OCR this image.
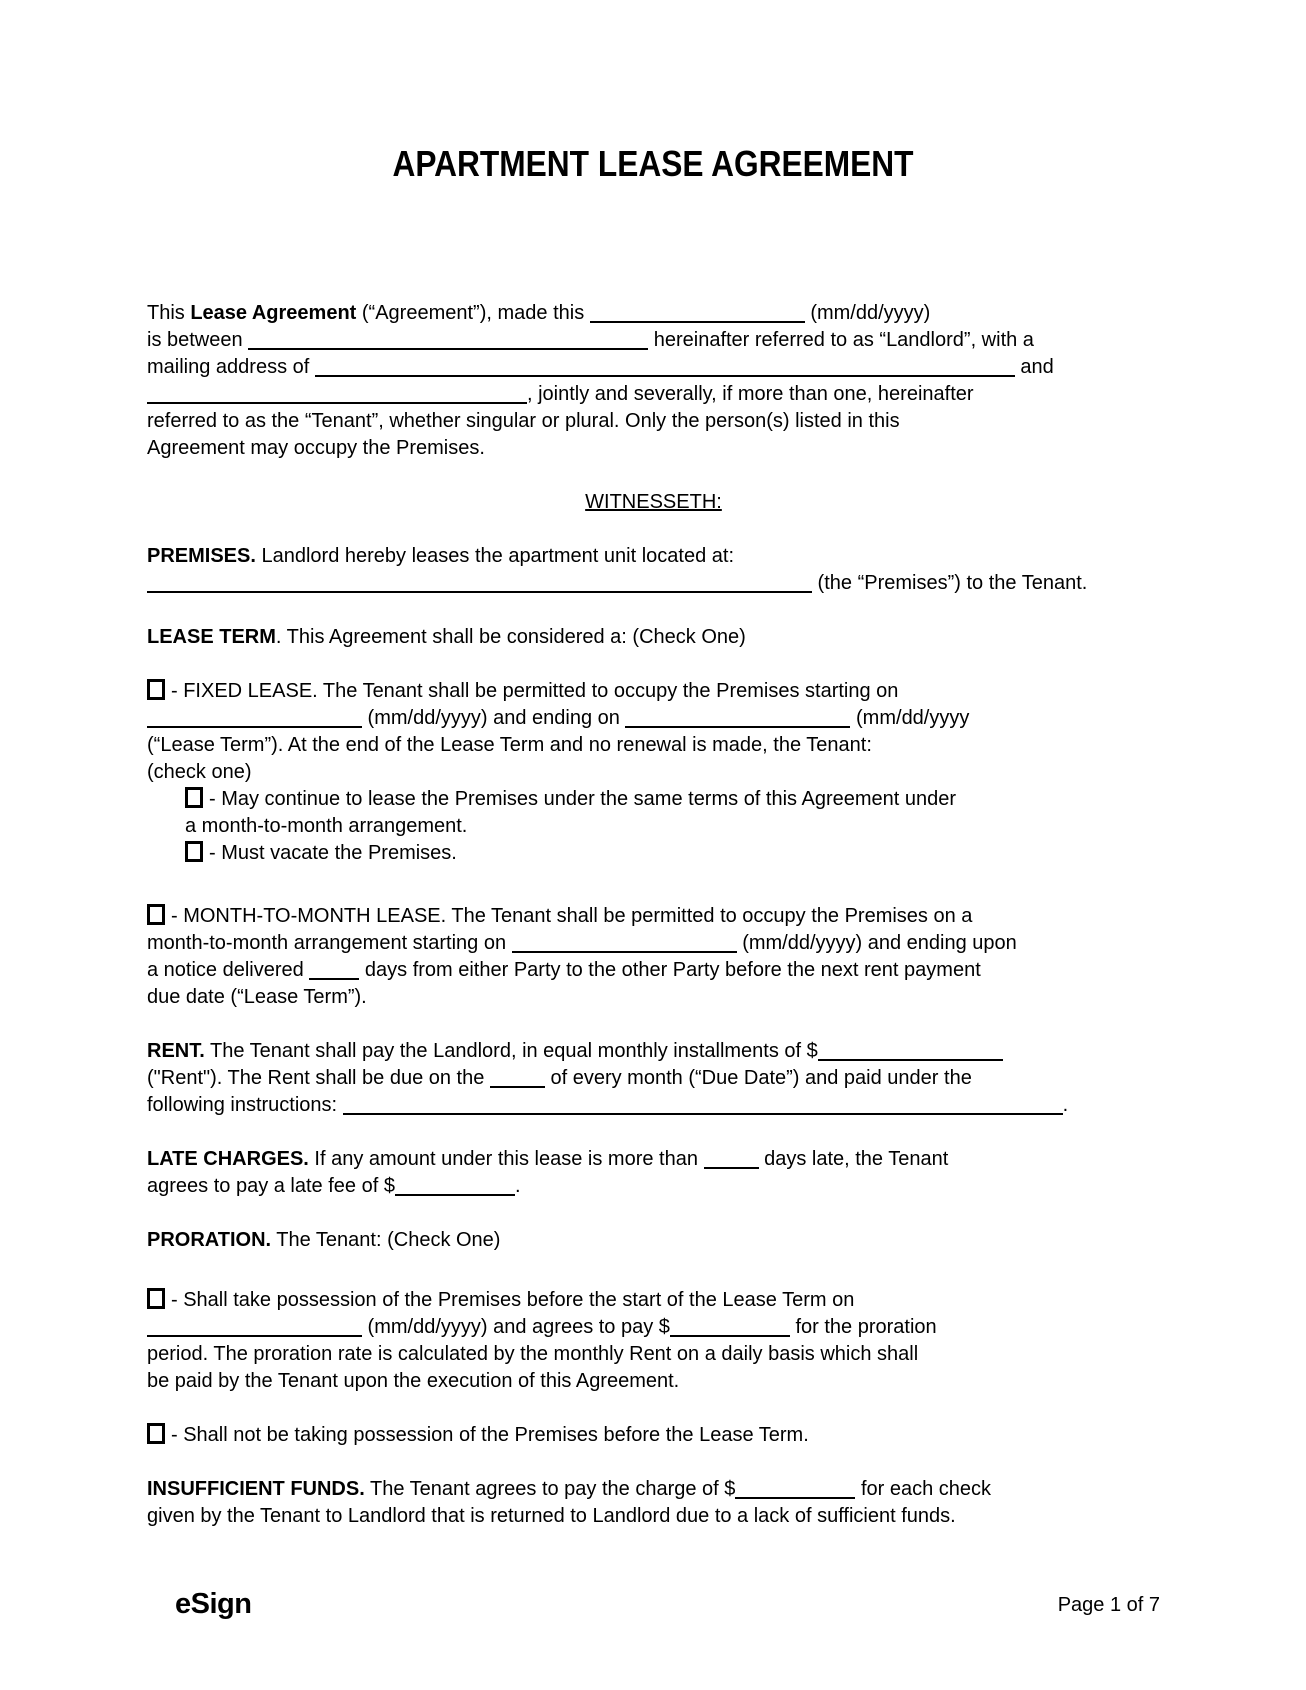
APARTMENT LEASE AGREEMENT
This Lease Agreement (“Agreement”), made this	(mm/dd/yyyy)
is between	hereinafter referred to as “Landlord”, with a
mailing address of	and
, jointly and severally, if more than one, hereinafter
referred to as the “Tenant”, whether singular or plural. Only the person(s) listed in this
Agreement may occupy the Premises.
WITNESSETH:
PREMISES. Landlord hereby leases the apartment unit located at:
(the “Premises”) to the Tenant.
LEASE TERM. This Agreement shall be considered a: (Check One)
- FIXED LEASE. The Tenant shall be permitted to occupy the Premises starting on
(mm/dd/yyyy) and ending on	(mm/dd/yyyy
(“Lease Term”). At the end of the Lease Term and no renewal is made, the Tenant:
(check one)
- May continue to lease the Premises under the same terms of this Agreement under
a month-to-month arrangement.
- Must vacate the Premises.
- MONTH-TO-MONTH LEASE. The Tenant shall be permitted to occupy the Premises on a
month-to-month arrangement starting on	(mm/dd/yyyy) and ending upon
a notice delivered	days from either Party to the other Party before the next rent payment
due date (“Lease Term”).
RENT. The Tenant shall pay the Landlord, in equal monthly installments of $
("Rent"). The Rent shall be due on the	of every month (“Due Date”) and paid under the
following instructions:	.
LATE CHARGES. If any amount under this lease is more than	days late, the Tenant
agrees to pay a late fee of $	.
PRORATION. The Tenant: (Check One)
- Shall take possession of the Premises before the start of the Lease Term on
(mm/dd/yyyy) and agrees to pay $	for the proration
period. The proration rate is calculated by the monthly Rent on a daily basis which shall
be paid by the Tenant upon the execution of this Agreement.
- Shall not be taking possession of the Premises before the Lease Term.
INSUFFICIENT FUNDS. The Tenant agrees to pay the charge of $	for each check
given by the Tenant to Landlord that is returned to Landlord due to a lack of sufficient funds.
eSign	Page 1 of 7
